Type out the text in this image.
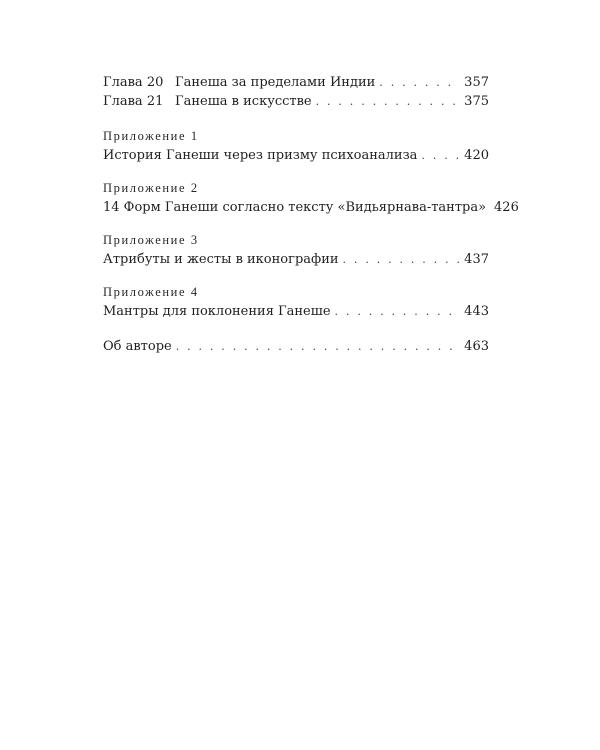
Глава 20 Ганеша за пределами Индии . . .	357
Глава 21 Ганеша в искусстве . . .	375
Приложение 1
История Ганеши через призму психоанализа . . .	420
Приложение 2
14 Форм Ганеши согласно тексту «Видьярнава-тантра» 426
Приложение 3
Атрибуты и жесты в иконографии . . .	437
Приложение 4
Мантры для поклонения Ганеше . . .	443
Об авторе . . .	463
